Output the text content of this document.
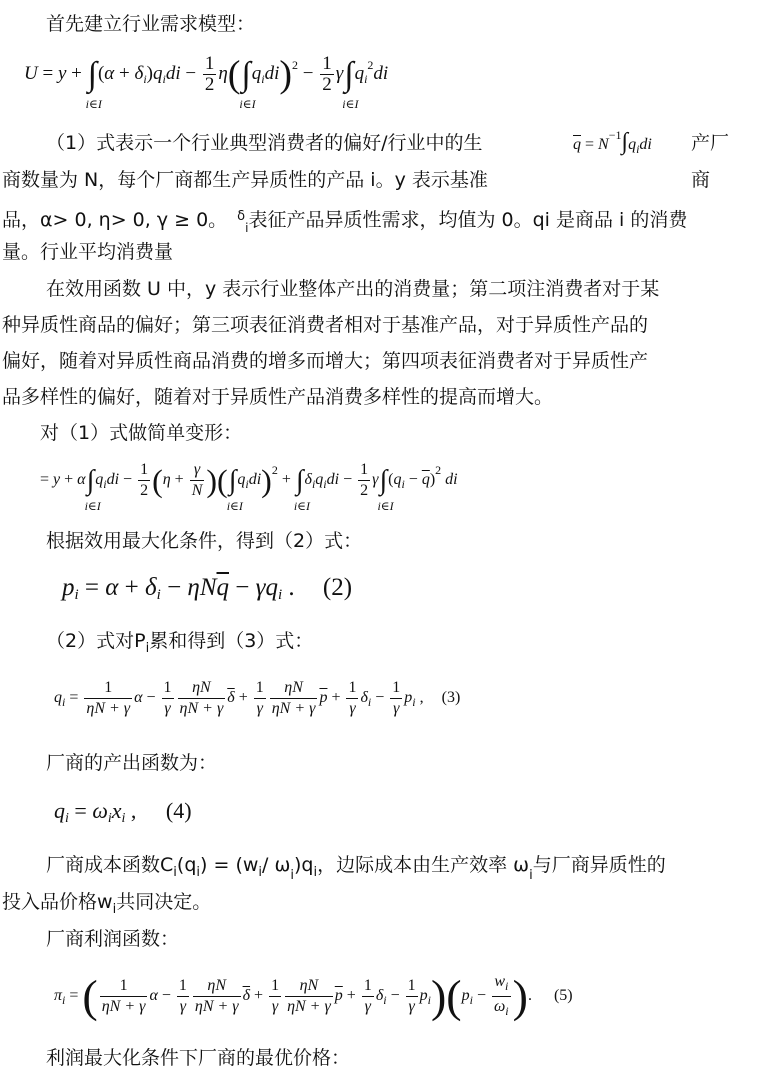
首先建立行业需求模型：
U = y + ∫
i∈I
$(\alpha + \delta_i)q_idi - \frac{1}{2} \eta(\int$
i∈I
$q_idi)^2 - \frac{1}{2} \gamma\int$
i∈I
$q_i^2di$
（1）式表示一个行业典型消费者的偏好/行业中的生	$\overline{q} = N^{-1}\int q_idi$ 产厂
商数量为 N，每个厂商都生产异质性的产品 i。y 表示基准	商
品，α> 0, η> 0, γ ≥ 0。 $^\delta_i$表征产品异质性需求，均值为 0。qi 是商品 i 的消费
量。行业平均消费量
在效用函数 U 中，y 表示行业整体产出的消费量；第二项注消费者对于某
种异质性商品的偏好；第三项表征消费者相对于基准产品，对于异质性产品的
偏好，随着对异质性商品消费的增多而增大；第四项表征消费者对于异质性产
品多样性的偏好，随着对于异质性产品消费多样性的提高而增大。
对（1）式做简单变形：
= y + α∫
i∈I
$q_idi - \frac{1}{2} (\eta + \frac{\gamma}{N}$ )(∫
i∈I
$q_idi)^2$ + ∫
i∈I
$\delta_iq_idi - \frac{1}{2} \gamma\int$
i∈I
$(q_i - \overline{q})^2$ di
根据效用最大化条件，得到（2）式：
$p_i = \alpha + \delta_i - \eta N\overline{q} - \gamma q_i$ . (2)
（2）式对$P_i$累和得到（3）式：
$q_i = \frac{1}{\eta N + \gamma}$ $\alpha - \frac{1}{\gamma} \frac{\eta N}{\eta N + \gamma} \overline{\delta} + \frac{1}{\gamma} \frac{\eta N}{\eta N + \gamma} \overline{p} + \frac{1}{\gamma} \delta_i - \frac{1}{\gamma} p_i$ , (3)
厂商的产出函数为：
$q_i = \omega_ix_i$ , (4)
厂商成本函数$C_i(q_i) = (w_i/$ $\omega_i)q_i$，边际成本由生产效率 $\omega_i$与厂商异质性的
投入品价格$w_i$共同决定。
厂商利润函数：
$\pi_i$ = ( $\frac{1}{\eta N + \gamma}$ $\alpha - \frac{1}{\gamma} \frac{\eta N}{\eta N + \gamma} \overline{\delta} + \frac{1}{\gamma} \frac{\eta N}{\eta N + \gamma} \overline{p} + \frac{1}{\gamma} \delta_i - \frac{1}{\gamma} p_i)(p_i - \frac{w_i}{\omega_i}$ ). (5)
利润最大化条件下厂商的最优价格：
